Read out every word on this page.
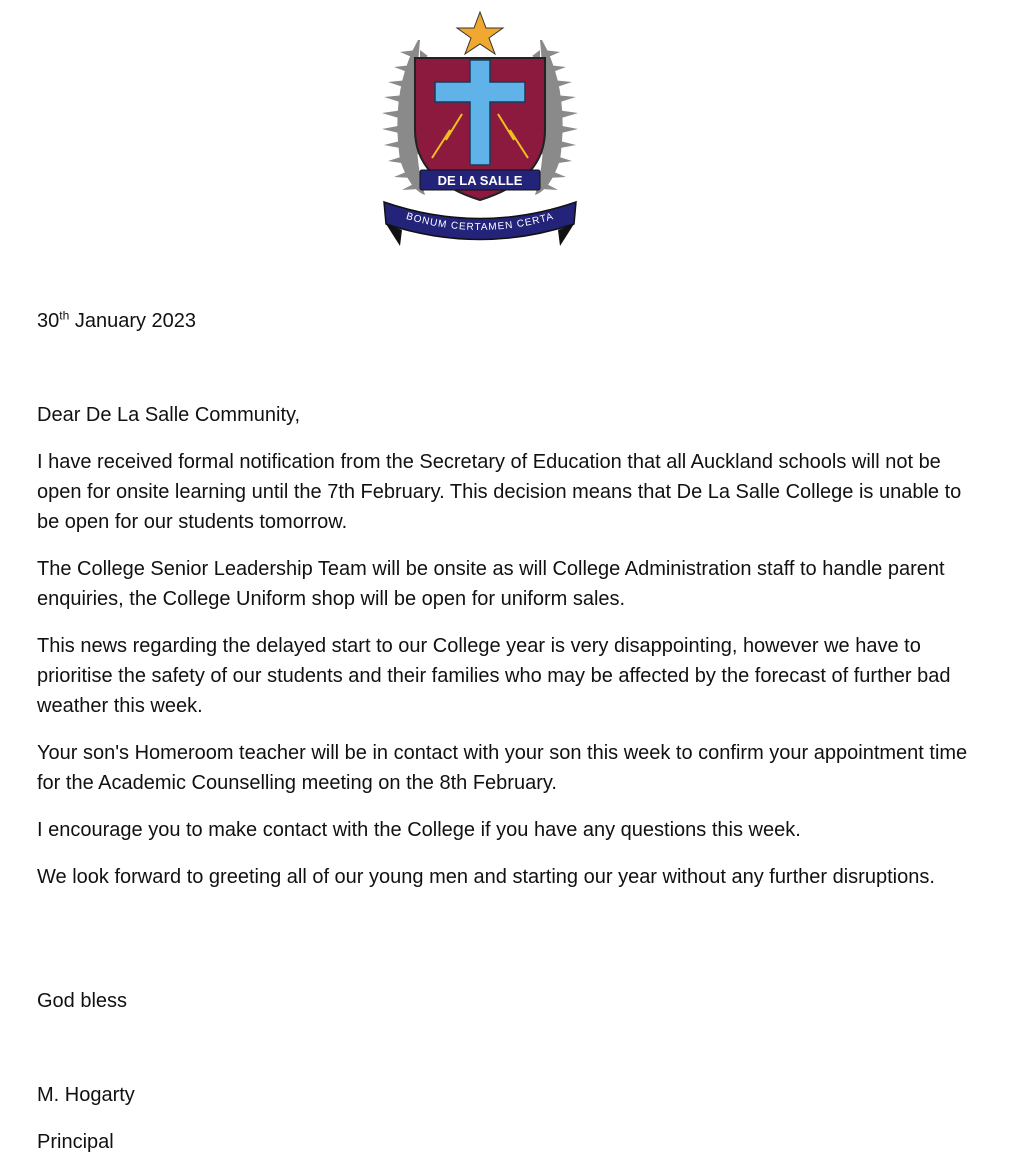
DE LA SALLE
BONUM CERTAMEN CERTA

30th January 2023

Dear De La Salle Community,

I have received formal notification from the Secretary of Education that all Auckland schools will not be open for onsite learning until the 7th February. This decision means that De La Salle College is unable to be open for our students tomorrow.

The College Senior Leadership Team will be onsite as will College Administration staff to handle parent enquiries, the College Uniform shop will be open for uniform sales.

This news regarding the delayed start to our College year is very disappointing, however we have to prioritise the safety of our students and their families who may be affected by the forecast of further bad weather this week.

Your son's Homeroom teacher will be in contact with your son this week to confirm your appointment time for the Academic Counselling meeting on the 8th February.

I encourage you to make contact with the College if you have any questions this week.

We look forward to greeting all of our young men and starting our year without any further disruptions.

God bless

M. Hogarty

Principal
